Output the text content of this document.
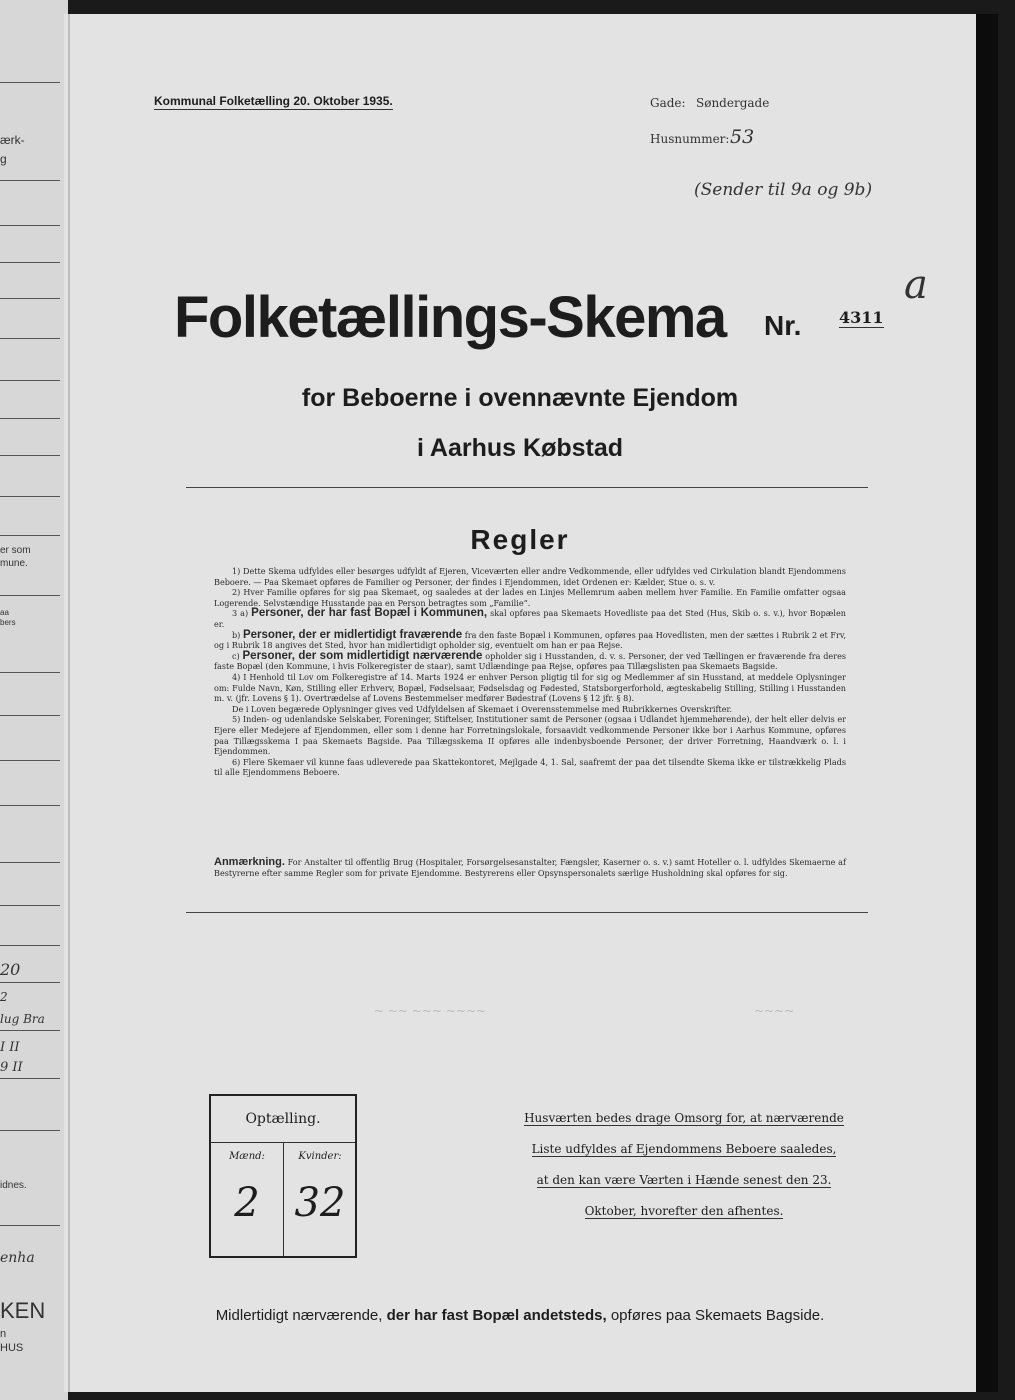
ærk-
g
er som
mune.
aa
bers
20
2
lug Bra
I II
9 II
idnes.
enha
KEN
n
HUS
Kommunal Folketælling 20. Oktober 1935.	Gade: Søndergade
Husnummer: 53
(Sender til 9a og 9b)
a
Folketællings-Skema Nr. 4311
for Beboerne i ovennævnte Ejendom
i Aarhus Købstad
Regler

1) Dette Skema udfyldes eller besørges udfyldt af Ejeren, Viceværten eller andre Vedkommende, eller udfyldes ved Cirkulation blandt Ejendommens Beboere. — Paa Skemaet opføres de Familier og Personer, der findes i Ejendommen, idet Ordenen er: Kælder, Stue o. s. v.

2) Hver Familie opføres for sig paa Skemaet, og saaledes at der lades en Linjes Mellemrum aaben mellem hver Familie. En Familie omfatter ogsaa Logerende. Selvstændige Husstande paa en Person betragtes som „Familie“.

3 a) Personer, der har fast Bopæl i Kommunen, skal opføres paa Skemaets Hovedliste paa det Sted (Hus, Skib o. s. v.), hvor Bopælen er.

b) Personer, der er midlertidigt fraværende fra den faste Bopæl i Kommunen, opføres paa Hovedlisten, men der sættes i Rubrik 2 et Frv, og i Rubrik 18 angives det Sted, hvor han midlertidigt opholder sig, eventuelt om han er paa Rejse.

c) Personer, der som midlertidigt nærværende opholder sig i Husstanden, d. v. s. Personer, der ved Tællingen er fraværende fra deres faste Bopæl (den Kommune, i hvis Folkeregister de staar), samt Udlændinge paa Rejse, opføres paa Tillægslisten paa Skemaets Bagside.

4) I Henhold til Lov om Folkeregistre af 14. Marts 1924 er enhver Person pligtig til for sig og Medlemmer af sin Husstand, at meddele Oplysninger om: Fulde Navn, Køn, Stilling eller Erhverv, Bopæl, Fødselsaar, Fødselsdag og Fødested, Statsborgerforhold, ægteskabelig Stilling, Stilling i Husstanden m. v. (jfr. Lovens § 1). Overtrædelse af Lovens Bestemmelser medfører Bødestraf (Lovens § 12 jfr. § 8).

De i Loven begærede Oplysninger gives ved Udfyldelsen af Skemaet i Overensstemmelse med Rubrikkernes Overskrifter.

5) Inden- og udenlandske Selskaber, Foreninger, Stiftelser, Institutioner samt de Personer (ogsaa i Udlandet hjemmehørende), der helt eller delvis er Ejere eller Medejere af Ejendommen, eller som i denne har Forretningslokale, forsaavidt vedkommende Personer ikke bor i Aarhus Kommune, opføres paa Tillægsskema I paa Skemaets Bagside. Paa Tillægsskema II opføres alle indenbysboende Personer, der driver Forretning, Haandværk o. l. i Ejendommen.

6) Flere Skemaer vil kunne faas udleverede paa Skattekontoret, Mejlgade 4, 1. Sal, saafremt der paa det tilsendte Skema ikke er tilstrækkelig Plads til alle Ejendommens Beboere.

Anmærkning. For Anstalter til offentlig Brug (Hospitaler, Forsørgelsesanstalter, Fængsler, Kaserner o. s. v.) samt Hoteller o. l. udfyldes Skemaerne af Bestyrerne efter samme Regler som for private Ejendomme. Bestyrerens eller Opsynspersonalets særlige Husholdning skal opføres for sig.
~ ~~ ~~~ ~~~~	~~~~
Optælling.
Mænd:
2
Kvinder:
32
Husværten bedes drage Omsorg for, at nærværende
Liste udfyldes af Ejendommens Beboere saaledes,
at den kan være Værten i Hænde senest den 23.
Oktober, hvorefter den afhentes.
Midlertidigt nærværende, der har fast Bopæl andetsteds, opføres paa Skemaets Bagside.
